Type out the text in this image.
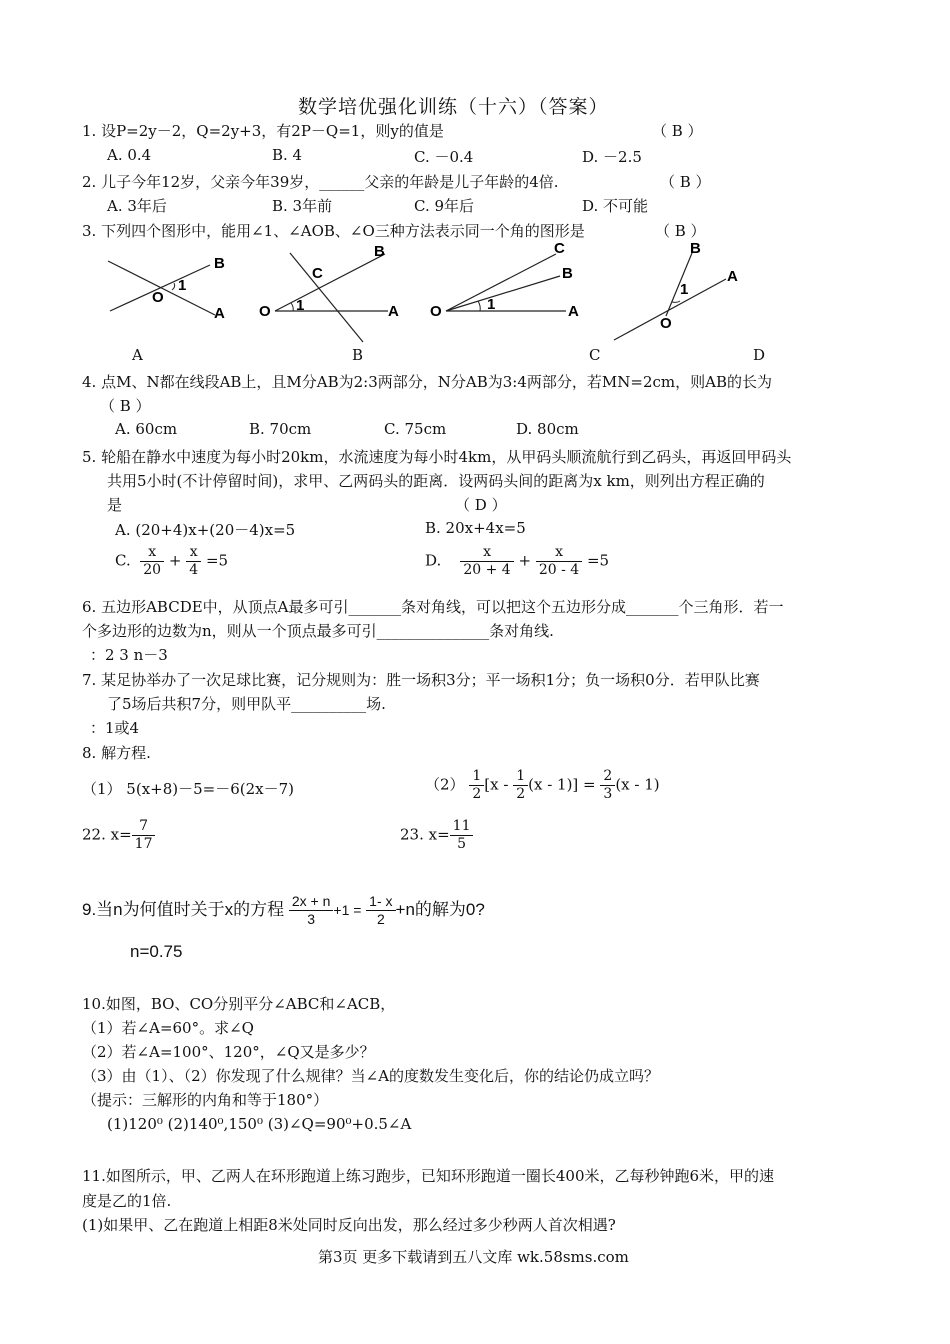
数学培优强化训练（十六）（答案）
1. 设P=2y－2，Q=2y+3，有2P－Q=1，则y的值是	（ B ）
A. 0.4	B. 4	C. －0.4	D. －2.5
2. 儿子今年12岁，父亲今年39岁，______父亲的年龄是儿子年龄的4倍.	（ B ）
A. 3年后	B. 3年前	C. 9年后	D. 不可能
3. 下列四个图形中，能用∠1、∠AOB、∠O三种方法表示同一个角的图形是	（ B ）
B
O
1
A
B
C
O 1	A
C
B
O	1	A
B
1
A
O
A	B	C	D
4. 点M、N都在线段AB上，且M分AB为2:3两部分，N分AB为3:4两部分，若MN=2cm，则AB的长为
（ B ）
A. 60cm	B. 70cm	C. 75cm	D. 80cm
5. 轮船在静水中速度为每小时20km，水流速度为每小时4km，从甲码头顺流航行到乙码头，再返回甲码头
共用5小时(不计停留时间)，求甲、乙两码头的距离．设两码头间的距离为x km，则列出方程正确的
是	（ D ）
A. (20+4)x+(20－4)x=5	B. 20x+4x=5
C. $\frac{x}{20} + \frac{x}{4} =5$	D. $\frac{x}{20 + 4} + \frac{x}{20 - 4} =5$
6. 五边形ABCDE中，从顶点A最多可引_______条对角线，可以把这个五边形分成_______个三角形．若一
个多边形的边数为n，则从一个顶点最多可引_______________条对角线.
：2 3 n－3
7. 某足协举办了一次足球比赛，记分规则为：胜一场积3分；平一场积1分；负一场积0分．若甲队比赛
了5场后共积7分，则甲队平__________场.
：1或4
8. 解方程.
（1） 5(x+8)－5=－6(2x－7)	$(2) \frac{1}{2} [x - \frac{1}{2} (x - 1)] = \frac{2}{3} (x - 1)$
22. $x= \frac{7}{17}$	23. $x= \frac{11}{5}$
9.当n为何值时关于x的方程 $\frac{2x + n}{3} +1 = \frac{1- x}{2} +n$的解为0?
n=0.75
10.如图，BO、CO分别平分∠ABC和∠ACB，
（1）若∠A=60°。求∠Q
（2）若∠A=100°、120°，∠Q又是多少？
（3）由（1）、（2）你发现了什么规律？当∠A的度数发生变化后，你的结论仍成立吗？
（提示：三解形的内角和等于180°）
(1)120⁰ (2)140⁰,150⁰ (3)∠Q=90⁰+0.5∠A
11.如图所示，甲、乙两人在环形跑道上练习跑步，已知环形跑道一圈长400米，乙每秒钟跑6米，甲的速
度是乙的1倍.
(1)如果甲、乙在跑道上相距8米处同时反向出发，那么经过多少秒两人首次相遇?
第3页 更多下载请到五八文库 wk.58sms.com
